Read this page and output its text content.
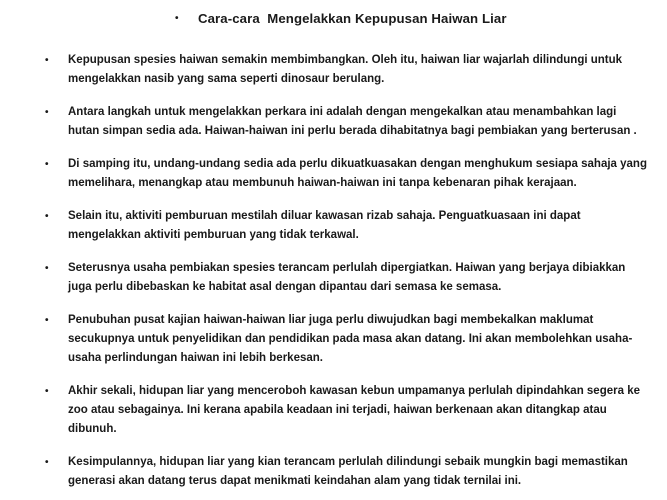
•	Cara-cara  Mengelakkan Kepupusan Haiwan Liar
•	Kepupusan spesies haiwan semakin membimbangkan. Oleh itu, haiwan liar wajarlah dilindungi untuk
mengelakkan nasib yang sama seperti dinosaur berulang.
•	Antara langkah untuk mengelakkan perkara ini adalah dengan mengekalkan atau menambahkan lagi
hutan simpan sedia ada. Haiwan-haiwan ini perlu berada dihabitatnya bagi pembiakan yang berterusan .
•	Di samping itu, undang-undang sedia ada perlu dikuatkuasakan dengan menghukum sesiapa sahaja yang
memelihara, menangkap atau membunuh haiwan-haiwan ini tanpa kebenaran pihak kerajaan.
•	Selain itu, aktiviti pemburuan mestilah diluar kawasan rizab sahaja. Penguatkuasaan ini dapat
mengelakkan aktiviti pemburuan yang tidak terkawal.
•	Seterusnya usaha pembiakan spesies terancam perlulah dipergiatkan. Haiwan yang berjaya dibiakkan
juga perlu dibebaskan ke habitat asal dengan dipantau dari semasa ke semasa.
•	Penubuhan pusat kajian haiwan-haiwan liar juga perlu diwujudkan bagi membekalkan maklumat
secukupnya untuk penyelidikan dan pendidikan pada masa akan datang. Ini akan membolehkan usaha-
usaha perlindungan haiwan ini lebih berkesan.
•	Akhir sekali, hidupan liar yang menceroboh kawasan kebun umpamanya perlulah dipindahkan segera ke
zoo atau sebagainya. Ini kerana apabila keadaan ini terjadi, haiwan berkenaan akan ditangkap atau
dibunuh.
•	Kesimpulannya, hidupan liar yang kian terancam perlulah dilindungi sebaik mungkin bagi memastikan
generasi akan datang terus dapat menikmati keindahan alam yang tidak ternilai ini.
